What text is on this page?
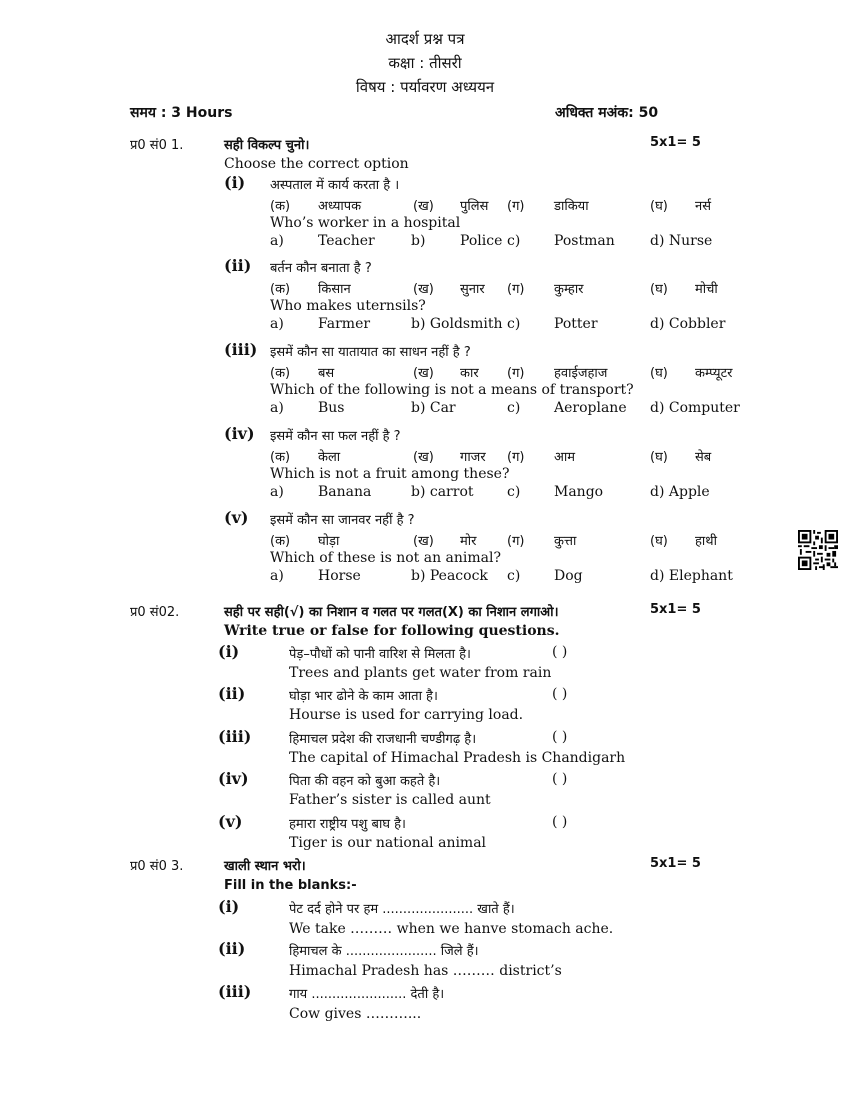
आदर्श प्रश्न पत्र
कक्षा : तीसरी
विषय : पर्यावरण अध्ययन
समय : 3 Hours	अधिक्त मअंक: 50
प्र0 सं0 1.	सही विकल्प चुनो।	5x1= 5
Choose the correct option
(i) अस्पताल में कार्य करता है ।
(क) अध्यापक	(ख) पुलिस (ग) डाकिया	(घ) नर्स
Who’s worker in a hospital
a) Teacher	b) Police c) Postman	d) Nurse
(ii) बर्तन कौन बनाता है ?
(क) किसान	(ख) सुनार (ग) कुम्हार	(घ) मोची
Who makes uternsils?
a) Farmer	b) Goldsmith c) Potter	d) Cobbler
(iii) इसमें कौन सा यातायात का साधन नहीं है ?
(क) बस	(ख) कार (ग) हवाईजहाज	(घ) कम्प्यूटर
Which of the following is not a means of transport?
a) Bus	b) Car	c) Aeroplane d) Computer
(iv) इसमें कौन सा फल नहीं है ?
(क) केला	(ख) गाजर (ग) आम	(घ) सेब
Which is not a fruit among these?
a) Banana	b) carrot c) Mango	d) Apple
(v) इसमें कौन सा जानवर नहीं है ?
(क) घोड़ा	(ख) मोर (ग) कुत्ता	(घ) हाथी
Which of these is not an animal?
a) Horse	b) Peacock c) Dog	d) Elephant
प्र0 सं02.	सही पर सही(√) का निशान व गलत पर गलत(X) का निशान लगाओ।	5x1= 5
Write true or false for following questions.
(i)	पेड़–पौधों को पानी वारिश से मिलता है।	( )
Trees and plants get water from rain
(ii)	घोड़ा भार ढोने के काम आता है।	( )
Hourse is used for carrying load.
(iii)	हिमाचल प्रदेश की राजधानी चण्डीगढ़ है।	( )
The capital of Himachal Pradesh is Chandigarh
(iv)	पिता की वहन को बुआ कहते है।	( )
Father’s sister is called aunt
(v)	हमारा राष्ट्रीय पशु बाघ है।	( )
Tiger is our national animal
प्र0 सं0 3.	खाली स्थान भरो।	5x1= 5
Fill in the blanks:-
(i)	पेट दर्द होने पर हम ...................... खाते हैं।
We take ……… when we hanve stomach ache.
(ii)	हिमाचल के ...................... जिले हैं।
Himachal Pradesh has ……… district’s
(iii)	गाय ....................... देती है।
Cow gives ………...
